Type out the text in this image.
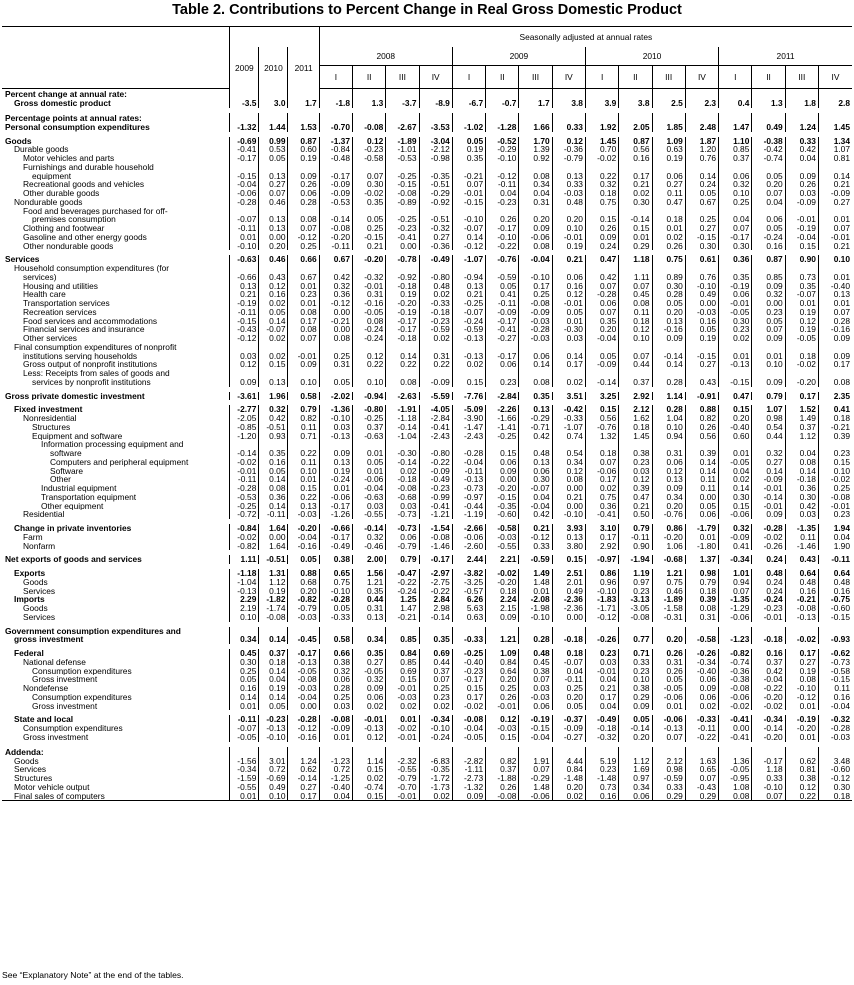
Table 2. Contributions to Percent Change in Real Gross Domestic Product
				Seasonally adjusted at annual rates															
	2009	2010	2011	2008				2009				2010				2011			
				I	II	III	IV	I	II	III	IV	I	II	III	IV	I	II	III	IV
Percent change at annual rate:																			
Gross domestic product	-3.5	3.0	1.7	-1.8	1.3	-3.7	-8.9	-6.7	-0.7	1.7	3.8	3.9	3.8	2.5	2.3	0.4	1.3	1.8	2.8

Percentage points at annual rates:																			
Personal consumption expenditures	-1.32	1.44	1.53	-0.70	-0.08	-2.67	-3.53	-1.02	-1.28	1.66	0.33	1.92	2.05	1.85	2.48	1.47	0.49	1.24	1.45

Goods	-0.69	0.99	0.87	-1.37	0.12	-1.89	-3.04	0.05	-0.52	1.70	0.12	1.45	0.87	1.09	1.87	1.10	-0.38	0.33	1.34
Durable goods	-0.41	0.53	0.60	-0.84	-0.23	-1.01	-2.12	0.19	-0.29	1.39	-0.36	0.70	0.56	0.63	1.20	0.85	-0.42	0.42	1.07
Motor vehicles and parts	-0.17	0.05	0.19	-0.48	-0.58	-0.53	-0.98	0.35	-0.10	0.92	-0.79	-0.02	0.16	0.19	0.76	0.37	-0.74	0.04	0.81
Furnishings and durable household																			
equipment	-0.15	0.13	0.09	-0.17	0.07	-0.25	-0.35	-0.21	-0.12	0.08	0.13	0.22	0.17	0.06	0.14	0.06	0.05	0.09	0.14
Recreational goods and vehicles	-0.04	0.27	0.26	-0.09	0.30	-0.15	-0.51	0.07	-0.11	0.34	0.33	0.32	0.21	0.27	0.24	0.32	0.20	0.26	0.21
Other durable goods	-0.06	0.07	0.06	-0.09	-0.02	-0.08	-0.29	-0.01	0.04	0.04	-0.03	0.18	0.02	0.11	0.05	0.10	0.07	0.03	-0.09
Nondurable goods	-0.28	0.46	0.28	-0.53	0.35	-0.89	-0.92	-0.15	-0.23	0.31	0.48	0.75	0.30	0.47	0.67	0.25	0.04	-0.09	0.27
Food and beverages purchased for off-																			
premises consumption	-0.07	0.13	0.08	-0.14	0.05	-0.25	-0.51	-0.10	0.26	0.20	0.20	0.15	-0.14	0.18	0.25	0.04	0.06	-0.01	0.01
Clothing and footwear	-0.11	0.13	0.07	-0.08	0.25	-0.23	-0.32	-0.07	-0.17	0.09	0.10	0.26	0.15	0.01	0.27	0.07	0.05	-0.19	0.07
Gasoline and other energy goods	0.01	0.00	-0.12	-0.20	-0.15	-0.41	0.27	0.14	-0.10	-0.06	-0.01	0.09	0.01	0.02	-0.15	-0.17	-0.24	-0.04	-0.01
Other nondurable goods	-0.10	0.20	0.25	-0.11	0.21	0.00	-0.36	-0.12	-0.22	0.08	0.19	0.24	0.29	0.26	0.30	0.30	0.16	0.15	0.21

Services	-0.63	0.46	0.66	0.67	-0.20	-0.78	-0.49	-1.07	-0.76	-0.04	0.21	0.47	1.18	0.75	0.61	0.36	0.87	0.90	0.10
Household consumption expenditures (for																			
services)	-0.66	0.43	0.67	0.42	-0.32	-0.92	-0.80	-0.94	-0.59	-0.10	0.06	0.42	1.11	0.89	0.76	0.35	0.85	0.73	0.01
Housing and utilities	0.13	0.12	0.01	0.32	-0.01	-0.18	0.48	0.13	0.05	0.17	0.16	0.07	0.07	0.30	-0.10	-0.19	0.09	0.35	-0.40
Health care	0.21	0.16	0.23	0.36	0.31	0.19	0.02	0.21	0.41	0.25	0.12	-0.28	0.45	0.28	0.49	0.06	0.32	-0.07	0.13
Transportation services	-0.19	0.02	0.01	-0.12	-0.16	-0.20	-0.33	-0.25	-0.11	-0.08	-0.01	0.06	0.08	0.05	0.00	-0.01	0.00	0.01	0.01
Recreation services	-0.11	0.05	0.08	0.00	-0.05	-0.19	-0.18	-0.07	-0.09	-0.09	0.05	0.07	0.11	0.20	-0.03	-0.05	0.23	0.19	0.07
Food services and accommodations	-0.15	0.14	0.17	-0.21	0.08	-0.17	-0.23	-0.24	-0.17	-0.03	0.01	0.35	0.18	0.13	0.16	0.30	0.05	0.12	0.28
Financial services and insurance	-0.43	-0.07	0.08	0.00	-0.24	-0.17	-0.59	-0.59	-0.41	-0.28	-0.30	0.20	0.12	-0.16	0.05	0.23	0.07	0.19	-0.16
Other services	-0.12	0.02	0.07	0.08	-0.24	-0.18	0.02	-0.13	-0.27	-0.03	0.03	-0.04	0.10	0.09	0.19	0.02	0.09	-0.05	0.09
Final consumption expenditures of nonprofit																			
institutions serving households	0.03	0.02	-0.01	0.25	0.12	0.14	0.31	-0.13	-0.17	0.06	0.14	0.05	0.07	-0.14	-0.15	0.01	0.01	0.18	0.09
Gross output of nonprofit institutions	0.12	0.15	0.09	0.31	0.22	0.22	0.22	0.02	0.06	0.14	0.17	-0.09	0.44	0.14	0.27	-0.13	0.10	-0.02	0.17
Less: Receipts from sales of goods and																			
services by nonprofit institutions	0.09	0.13	0.10	0.05	0.10	0.08	-0.09	0.15	0.23	0.08	0.02	-0.14	0.37	0.28	0.43	-0.15	0.09	-0.20	0.08

Gross private domestic investment	-3.61	1.96	0.58	-2.02	-0.94	-2.63	-5.59	-7.76	-2.84	0.35	3.51	3.25	2.92	1.14	-0.91	0.47	0.79	0.17	2.35

Fixed investment	-2.77	0.32	0.79	-1.36	-0.80	-1.91	-4.05	-5.09	-2.26	0.13	-0.42	0.15	2.12	0.28	0.88	0.15	1.07	1.52	0.41
Nonresidential	-2.05	0.42	0.82	-0.10	-0.25	-1.18	-2.84	-3.90	-1.66	-0.29	-0.33	0.56	1.62	1.04	0.82	0.20	0.98	1.49	0.18
Structures	-0.85	-0.51	0.11	0.03	0.37	-0.14	-0.41	-1.47	-1.41	-0.71	-1.07	-0.76	0.18	0.10	0.26	-0.40	0.54	0.37	-0.21
Equipment and software	-1.20	0.93	0.71	-0.13	-0.63	-1.04	-2.43	-2.43	-0.25	0.42	0.74	1.32	1.45	0.94	0.56	0.60	0.44	1.12	0.39
Information processing equipment and																			
software	-0.14	0.35	0.22	0.09	0.01	-0.30	-0.80	-0.28	0.15	0.48	0.54	0.18	0.38	0.31	0.39	0.01	0.32	0.04	0.23
Computers and peripheral equipment	-0.02	0.16	0.11	0.13	0.05	-0.14	-0.22	-0.04	0.06	0.13	0.34	0.07	0.23	0.06	0.14	-0.05	0.27	0.08	0.15
Software	-0.01	0.05	0.10	0.19	0.01	0.02	-0.09	-0.11	0.09	0.06	0.12	-0.06	0.03	0.12	0.14	0.04	0.14	0.14	0.10
Other	-0.11	0.14	0.01	-0.24	-0.06	-0.18	-0.49	-0.13	0.00	0.30	0.08	0.17	0.12	0.13	0.11	0.02	-0.09	-0.18	-0.02
Industrial equipment	-0.28	0.08	0.15	0.01	-0.04	-0.08	-0.23	-0.73	-0.20	-0.07	0.00	0.02	0.39	0.09	0.11	0.14	-0.01	0.36	0.25
Transportation equipment	-0.53	0.36	0.22	-0.06	-0.63	-0.68	-0.99	-0.97	-0.15	0.04	0.21	0.75	0.47	0.34	0.00	0.30	-0.14	0.30	-0.08
Other equipment	-0.25	0.14	0.13	-0.17	0.03	0.03	-0.41	-0.44	-0.35	-0.04	0.00	0.36	0.21	0.20	0.05	0.15	-0.01	0.42	-0.01
Residential	-0.72	-0.11	-0.03	-1.26	-0.55	-0.73	-1.21	-1.19	-0.60	0.42	-0.10	-0.41	0.50	-0.76	0.06	-0.06	0.09	0.03	0.23

Change in private inventories	-0.84	1.64	-0.20	-0.66	-0.14	-0.73	-1.54	-2.66	-0.58	0.21	3.93	3.10	0.79	0.86	-1.79	0.32	-0.28	-1.35	1.94
Farm	-0.02	0.00	-0.04	-0.17	0.32	0.06	-0.08	-0.06	-0.03	-0.12	0.13	0.17	-0.11	-0.20	0.01	-0.09	-0.02	0.11	0.04
Nonfarm	-0.82	1.64	-0.16	-0.49	-0.46	-0.79	-1.46	-2.60	-0.55	0.33	3.80	2.92	0.90	1.06	-1.80	0.41	-0.26	-1.46	1.90

Net exports of goods and services	1.11	-0.51	0.05	0.38	2.00	0.79	-0.17	2.44	2.21	-0.59	0.15	-0.97	-1.94	-0.68	1.37	-0.34	0.24	0.43	-0.11

Exports	-1.18	1.31	0.88	0.65	1.56	-0.47	-2.97	-3.82	-0.02	1.49	2.51	0.86	1.19	1.21	0.98	1.01	0.48	0.64	0.64
Goods	-1.04	1.12	0.68	0.75	1.21	-0.22	-2.75	-3.25	-0.20	1.48	2.01	0.96	0.97	0.75	0.79	0.94	0.24	0.48	0.48
Services	-0.13	0.19	0.20	-0.10	0.35	-0.24	-0.22	-0.57	0.18	0.01	0.49	-0.10	0.23	0.46	0.18	0.07	0.24	0.16	0.16
Imports	2.29	-1.82	-0.82	-0.28	0.44	1.25	2.84	6.26	2.24	-2.08	-2.36	-1.83	-3.13	-1.89	0.39	-1.35	-0.24	-0.21	-0.75
Goods	2.19	-1.74	-0.79	0.05	0.31	1.47	2.98	5.63	2.15	-1.98	-2.36	-1.71	-3.05	-1.58	0.08	-1.29	-0.23	-0.08	-0.60
Services	0.10	-0.08	-0.03	-0.33	0.13	-0.21	-0.14	0.63	0.09	-0.10	0.00	-0.12	-0.08	-0.31	0.31	-0.06	-0.01	-0.13	-0.15

Government consumption expenditures and																			
gross investment	0.34	0.14	-0.45	0.58	0.34	0.85	0.35	-0.33	1.21	0.28	-0.18	-0.26	0.77	0.20	-0.58	-1.23	-0.18	-0.02	-0.93

Federal	0.45	0.37	-0.17	0.66	0.35	0.84	0.69	-0.25	1.09	0.48	0.18	0.23	0.71	0.26	-0.26	-0.82	0.16	0.17	-0.62
National defense	0.30	0.18	-0.13	0.38	0.27	0.85	0.44	-0.40	0.84	0.45	-0.07	0.03	0.33	0.31	-0.34	-0.74	0.37	0.27	-0.73
Consumption expenditures	0.25	0.14	-0.05	0.32	-0.05	0.69	0.37	-0.23	0.64	0.38	0.04	-0.01	0.23	0.26	-0.40	-0.36	0.42	0.19	-0.58
Gross investment	0.05	0.04	-0.08	0.06	0.32	0.15	0.07	-0.17	0.20	0.07	-0.11	0.04	0.10	0.05	0.06	-0.38	-0.04	0.08	-0.15
Nondefense	0.16	0.19	-0.03	0.28	0.09	-0.01	0.25	0.15	0.25	0.03	0.25	0.21	0.38	-0.05	0.09	-0.08	-0.22	-0.10	0.11
Consumption expenditures	0.14	0.14	-0.04	0.25	0.06	-0.03	0.23	0.17	0.26	-0.03	0.20	0.17	0.29	-0.06	0.06	-0.06	-0.20	-0.12	0.16
Gross investment	0.01	0.05	0.00	0.03	0.02	0.02	0.02	-0.02	-0.01	0.06	0.05	0.04	0.09	0.01	0.02	-0.02	-0.02	0.01	-0.04

State and local	-0.11	-0.23	-0.28	-0.08	-0.01	0.01	-0.34	-0.08	0.12	-0.19	-0.37	-0.49	0.05	-0.06	-0.33	-0.41	-0.34	-0.19	-0.32
Consumption expenditures	-0.07	-0.13	-0.12	-0.09	-0.13	-0.02	-0.10	-0.04	-0.03	-0.15	-0.09	-0.18	-0.14	-0.13	-0.11	0.00	-0.14	-0.20	-0.28
Gross investment	-0.05	-0.10	-0.16	0.01	0.12	-0.01	-0.24	-0.05	0.15	-0.04	-0.27	-0.32	0.20	0.07	-0.22	-0.41	-0.20	0.01	-0.03

Addenda:																			
Goods	-1.56	3.01	1.24	-1.23	1.14	-2.32	-6.83	-2.82	0.82	1.91	4.44	5.19	1.12	2.12	1.63	1.36	-0.17	0.62	3.48
Services	-0.34	0.72	0.62	0.72	0.15	-0.55	-0.35	-1.11	0.37	0.07	0.84	0.23	1.69	0.98	0.65	-0.05	1.18	0.81	-0.60
Structures	-1.59	-0.69	-0.14	-1.25	0.02	-0.79	-1.72	-2.73	-1.88	-0.29	-1.48	-1.48	0.97	-0.59	0.07	-0.95	0.33	0.38	-0.12
Motor vehicle output	-0.55	0.49	0.27	-0.40	-0.74	-0.70	-1.73	-1.32	0.26	1.48	0.20	0.73	0.34	0.33	-0.43	1.08	-0.10	0.12	0.30
Final sales of computers	0.01	0.10	0.17	0.04	0.15	-0.01	0.02	0.09	-0.08	-0.06	0.02	0.16	0.06	0.29	0.29	0.08	0.07	0.22	0.18
See “Explanatory Note” at the end of the tables.
